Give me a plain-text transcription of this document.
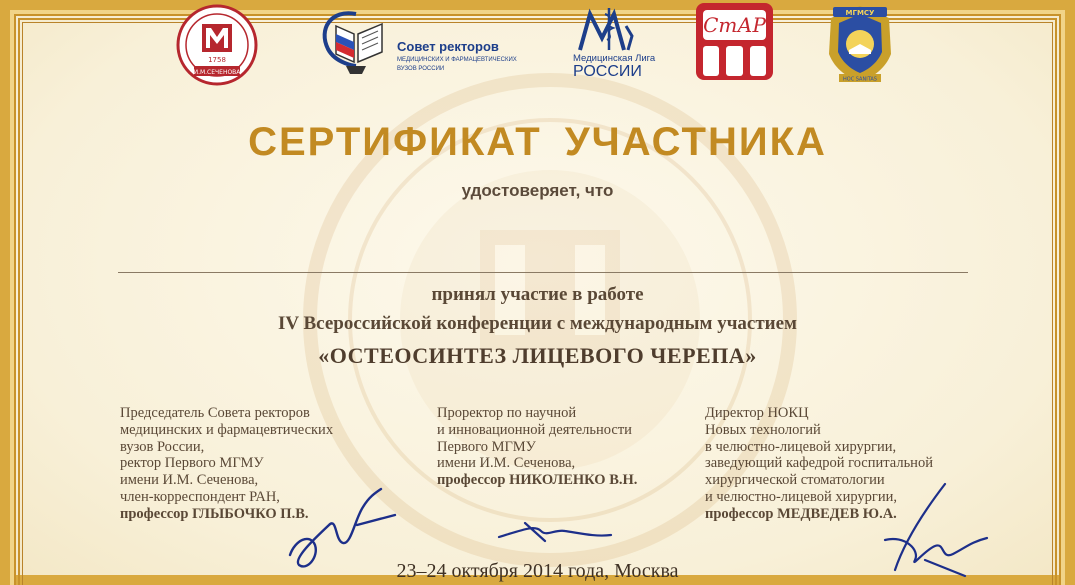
1758
И.М.СЕЧЕНОВА
Совет ректоров
МЕДИЦИНСКИХ И ФАРМАЦЕВТИЧЕСКИХ
ВУЗОВ РОССИИ
Медицинская Лига
РОССИИ
СтАР	МГМСУ
HOC SANITAS
СЕРТИФИКАТ УЧАСТНИКА
удостоверяет, что
принял участие в работе
IV Всероссийской конференции с международным участием
«ОСТЕОСИНТЕЗ ЛИЦЕВОГО ЧЕРЕПА»
Председатель Совета ректоров
медицинских и фармацевтических
вузов России,
ректор Первого МГМУ
имени И.М. Сеченова,
член-корреспондент РАН,
профессор ГЛЫБОЧКО П.В.
Проректор по научной
и инновационной деятельности
Первого МГМУ
имени И.М. Сеченова,
профессор НИКОЛЕНКО В.Н.
Директор НОКЦ
Новых технологий
в челюстно-лицевой хирургии,
заведующий кафедрой госпитальной
хирургической стоматологии
и челюстно-лицевой хирургии,
профессор МЕДВЕДЕВ Ю.А.
23–24 октября 2014 года, Москва
